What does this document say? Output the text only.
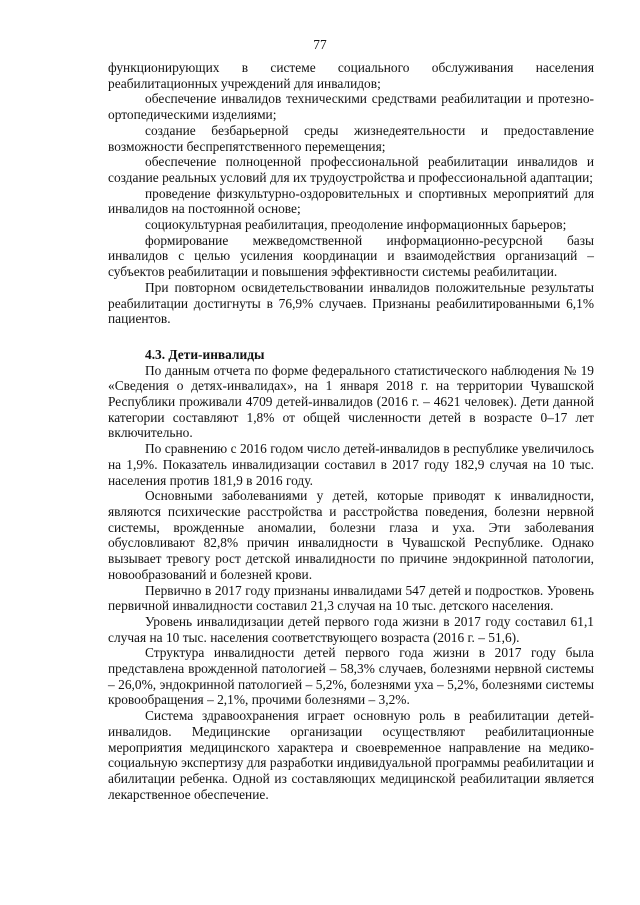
77

функционирующих в системе социального обслуживания населения реабилитационных учреждений для инвалидов;

обеспечение инвалидов техническими средствами реабилитации и протезно-ортопедическими изделиями;

создание безбарьерной среды жизнедеятельности и предоставление возможности беспрепятственного перемещения;

обеспечение полноценной профессиональной реабилитации инвалидов и создание реальных условий для их трудоустройства и профессиональной адаптации;

проведение физкультурно-оздоровительных и спортивных мероприятий для инвалидов на постоянной основе;

социокультурная реабилитация, преодоление информационных барьеров;

формирование межведомственной информационно-ресурсной базы инвалидов с целью усиления координации и взаимодействия организаций – субъектов реабилитации и повышения эффективности системы реабилитации.

При повторном освидетельствовании инвалидов положительные результаты реабилитации достигнуты в 76,9% случаев. Признаны реабилитированными 6,1% пациентов.

4.3. Дети-инвалиды

По данным отчета по форме федерального статистического наблюдения № 19 «Сведения о детях-инвалидах», на 1 января 2018 г. на территории Чувашской Республики проживали 4709 детей-инвалидов (2016 г. – 4621 человек). Дети данной категории составляют 1,8% от общей численности детей в возрасте 0–17 лет включительно.

По сравнению с 2016 годом число детей-инвалидов в республике увеличилось на 1,9%. Показатель инвалидизации составил в 2017 году 182,9 случая на 10 тыс. населения против 181,9 в 2016 году.

Основными заболеваниями у детей, которые приводят к инвалидности, являются психические расстройства и расстройства поведения, болезни нервной системы, врожденные аномалии, болезни глаза и уха. Эти заболевания обусловливают 82,8% причин инвалидности в Чувашской Республике. Однако вызывает тревогу рост детской инвалидности по причине эндокринной патологии, новообразований и болезней крови.

Первично в 2017 году признаны инвалидами 547 детей и подростков. Уровень первичной инвалидности составил 21,3 случая на 10 тыс. детского населения.

Уровень инвалидизации детей первого года жизни в 2017 году составил 61,1 случая на 10 тыс. населения соответствующего возраста (2016 г. – 51,6).

Структура инвалидности детей первого года жизни в 2017 году была представлена врожденной патологией – 58,3% случаев, болезнями нервной системы – 26,0%, эндокринной патологией – 5,2%, болезнями уха – 5,2%, болезнями системы кровообращения – 2,1%, прочими болезнями – 3,2%.

Система здравоохранения играет основную роль в реабилитации детей-инвалидов. Медицинские организации осуществляют реабилитационные мероприятия медицинского характера и своевременное направление на медико-социальную экспертизу для разработки индивидуальной программы реабилитации и абилитации ребенка. Одной из составляющих медицинской реабилитации является лекарственное обеспечение.
